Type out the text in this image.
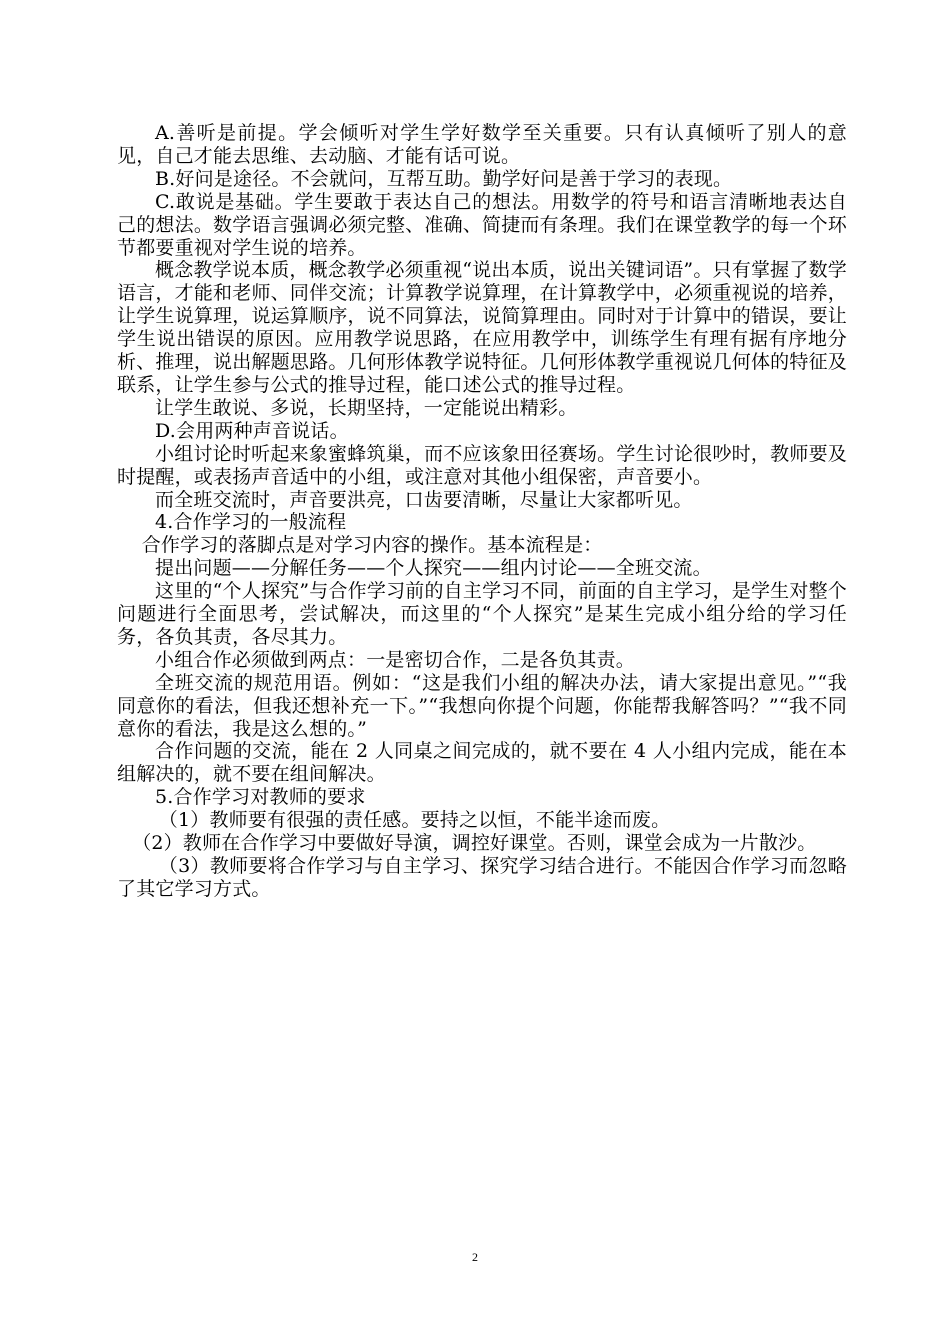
A.善听是前提。学会倾听对学生学好数学至关重要。只有认真倾听了别人的意见，自己才能去思维、去动脑、才能有话可说。

B.好问是途径。不会就问，互帮互助。勤学好问是善于学习的表现。

C.敢说是基础。学生要敢于表达自己的想法。用数学的符号和语言清晰地表达自己的想法。数学语言强调必须完整、准确、简捷而有条理。我们在课堂教学的每一个环节都要重视对学生说的培养。

概念教学说本质，概念教学必须重视“说出本质，说出关键词语”。只有掌握了数学语言，才能和老师、同伴交流；计算教学说算理，在计算教学中，必须重视说的培养，让学生说算理，说运算顺序，说不同算法，说简算理由。同时对于计算中的错误，要让学生说出错误的原因。应用教学说思路，在应用教学中，训练学生有理有据有序地分析、推理，说出解题思路。几何形体教学说特征。几何形体教学重视说几何体的特征及联系，让学生参与公式的推导过程，能口述公式的推导过程。

让学生敢说、多说，长期坚持，一定能说出精彩。

D.会用两种声音说话。

小组讨论时听起来象蜜蜂筑巢，而不应该象田径赛场。学生讨论很吵时，教师要及时提醒，或表扬声音适中的小组，或注意对其他小组保密，声音要小。

而全班交流时，声音要洪亮，口齿要清晰，尽量让大家都听见。

4.合作学习的一般流程

合作学习的落脚点是对学习内容的操作。基本流程是：

提出问题——分解任务——个人探究——组内讨论——全班交流。

这里的“个人探究”与合作学习前的自主学习不同，前面的自主学习，是学生对整个问题进行全面思考，尝试解决，而这里的“个人探究”是某生完成小组分给的学习任务，各负其责，各尽其力。

小组合作必须做到两点：一是密切合作，二是各负其责。

全班交流的规范用语。例如：“这是我们小组的解决办法，请大家提出意见。”“我同意你的看法，但我还想补充一下。”“我想向你提个问题，你能帮我解答吗？”“我不同意你的看法，我是这么想的。”

合作问题的交流，能在 2 人同桌之间完成的，就不要在 4 人小组内完成，能在本组解决的，就不要在组间解决。

5.合作学习对教师的要求

（1）教师要有很强的责任感。要持之以恒，不能半途而废。

（2）教师在合作学习中要做好导演，调控好课堂。否则，课堂会成为一片散沙。

（3）教师要将合作学习与自主学习、探究学习结合进行。不能因合作学习而忽略了其它学习方式。

2
